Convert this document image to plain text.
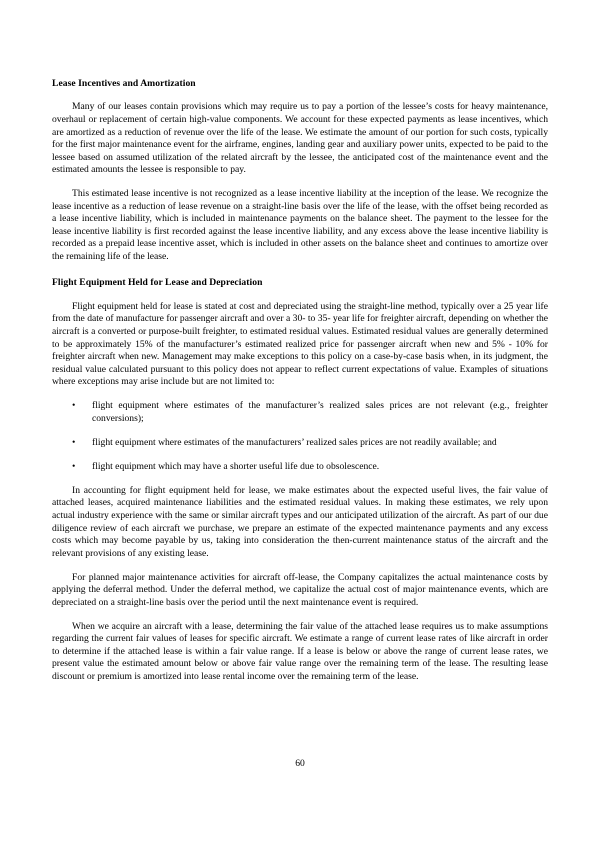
Lease Incentives and Amortization

Many of our leases contain provisions which may require us to pay a portion of the lessee’s costs for heavy maintenance, overhaul or replacement of certain high-value components. We account for these expected payments as lease incentives, which are amortized as a reduction of revenue over the life of the lease. We estimate the amount of our portion for such costs, typically for the first major maintenance event for the airframe, engines, landing gear and auxiliary power units, expected to be paid to the lessee based on assumed utilization of the related aircraft by the lessee, the anticipated cost of the maintenance event and the estimated amounts the lessee is responsible to pay.

This estimated lease incentive is not recognized as a lease incentive liability at the inception of the lease. We recognize the lease incentive as a reduction of lease revenue on a straight-line basis over the life of the lease, with the offset being recorded as a lease incentive liability, which is included in maintenance payments on the balance sheet. The payment to the lessee for the lease incentive liability is first recorded against the lease incentive liability, and any excess above the lease incentive liability is recorded as a prepaid lease incentive asset, which is included in other assets on the balance sheet and continues to amortize over the remaining life of the lease.

Flight Equipment Held for Lease and Depreciation

Flight equipment held for lease is stated at cost and depreciated using the straight-line method, typically over a 25 year life from the date of manufacture for passenger aircraft and over a 30- to 35- year life for freighter aircraft, depending on whether the aircraft is a converted or purpose-built freighter, to estimated residual values. Estimated residual values are generally determined to be approximately 15% of the manufacturer’s estimated realized price for passenger aircraft when new and 5% - 10% for freighter aircraft when new. Management may make exceptions to this policy on a case-by-case basis when, in its judgment, the residual value calculated pursuant to this policy does not appear to reflect current expectations of value. Examples of situations where exceptions may arise include but are not limited to:

• flight equipment where estimates of the manufacturer’s realized sales prices are not relevant (e.g., freighter conversions);
• flight equipment where estimates of the manufacturers’ realized sales prices are not readily available; and
• flight equipment which may have a shorter useful life due to obsolescence.

In accounting for flight equipment held for lease, we make estimates about the expected useful lives, the fair value of attached leases, acquired maintenance liabilities and the estimated residual values. In making these estimates, we rely upon actual industry experience with the same or similar aircraft types and our anticipated utilization of the aircraft. As part of our due diligence review of each aircraft we purchase, we prepare an estimate of the expected maintenance payments and any excess costs which may become payable by us, taking into consideration the then-current maintenance status of the aircraft and the relevant provisions of any existing lease.

For planned major maintenance activities for aircraft off-lease, the Company capitalizes the actual maintenance costs by applying the deferral method. Under the deferral method, we capitalize the actual cost of major maintenance events, which are depreciated on a straight-line basis over the period until the next maintenance event is required.

When we acquire an aircraft with a lease, determining the fair value of the attached lease requires us to make assumptions regarding the current fair values of leases for specific aircraft. We estimate a range of current lease rates of like aircraft in order to determine if the attached lease is within a fair value range. If a lease is below or above the range of current lease rates, we present value the estimated amount below or above fair value range over the remaining term of the lease. The resulting lease discount or premium is amortized into lease rental income over the remaining term of the lease.

60
